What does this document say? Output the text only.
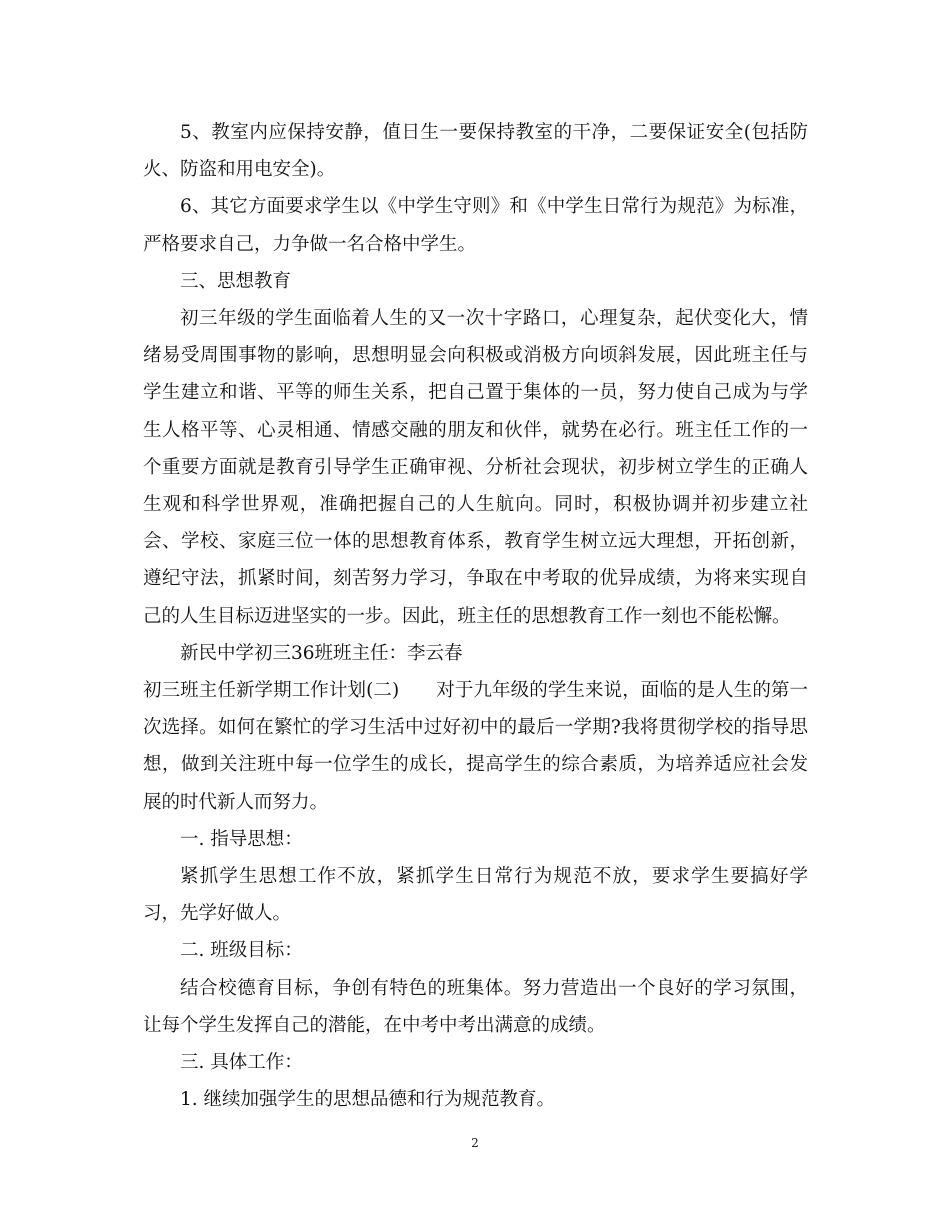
5、教室内应保持安静，值日生一要保持教室的干净，二要保证安全(包括防火、防盗和用电安全)。

6、其它方面要求学生以《中学生守则》和《中学生日常行为规范》为标准，严格要求自己，力争做一名合格中学生。

三、思想教育

初三年级的学生面临着人生的又一次十字路口，心理复杂，起伏变化大，情绪易受周围事物的影响，思想明显会向积极或消极方向顷斜发展，因此班主任与学生建立和谐、平等的师生关系，把自己置于集体的一员，努力使自己成为与学生人格平等、心灵相通、情感交融的朋友和伙伴，就势在必行。班主任工作的一个重要方面就是教育引导学生正确审视、分析社会现状，初步树立学生的正确人生观和科学世界观，准确把握自己的人生航向。同时，积极协调并初步建立社会、学校、家庭三位一体的思想教育体系，教育学生树立远大理想，开拓创新，遵纪守法，抓紧时间，刻苦努力学习，争取在中考取的优异成绩，为将来实现自己的人生目标迈进坚实的一步。因此，班主任的思想教育工作一刻也不能松懈。

新民中学初三36班班主任：李云春

初三班主任新学期工作计划(二) 对于九年级的学生来说，面临的是人生的第一次选择。如何在繁忙的学习生活中过好初中的最后一学期?我将贯彻学校的指导思想，做到关注班中每一位学生的成长，提高学生的综合素质，为培养适应社会发展的时代新人而努力。

一. 指导思想：

紧抓学生思想工作不放，紧抓学生日常行为规范不放，要求学生要搞好学习，先学好做人。

二. 班级目标：

结合校德育目标，争创有特色的班集体。努力营造出一个良好的学习氛围，让每个学生发挥自己的潜能，在中考中考出满意的成绩。

三. 具体工作：

1. 继续加强学生的思想品德和行为规范教育。

2
